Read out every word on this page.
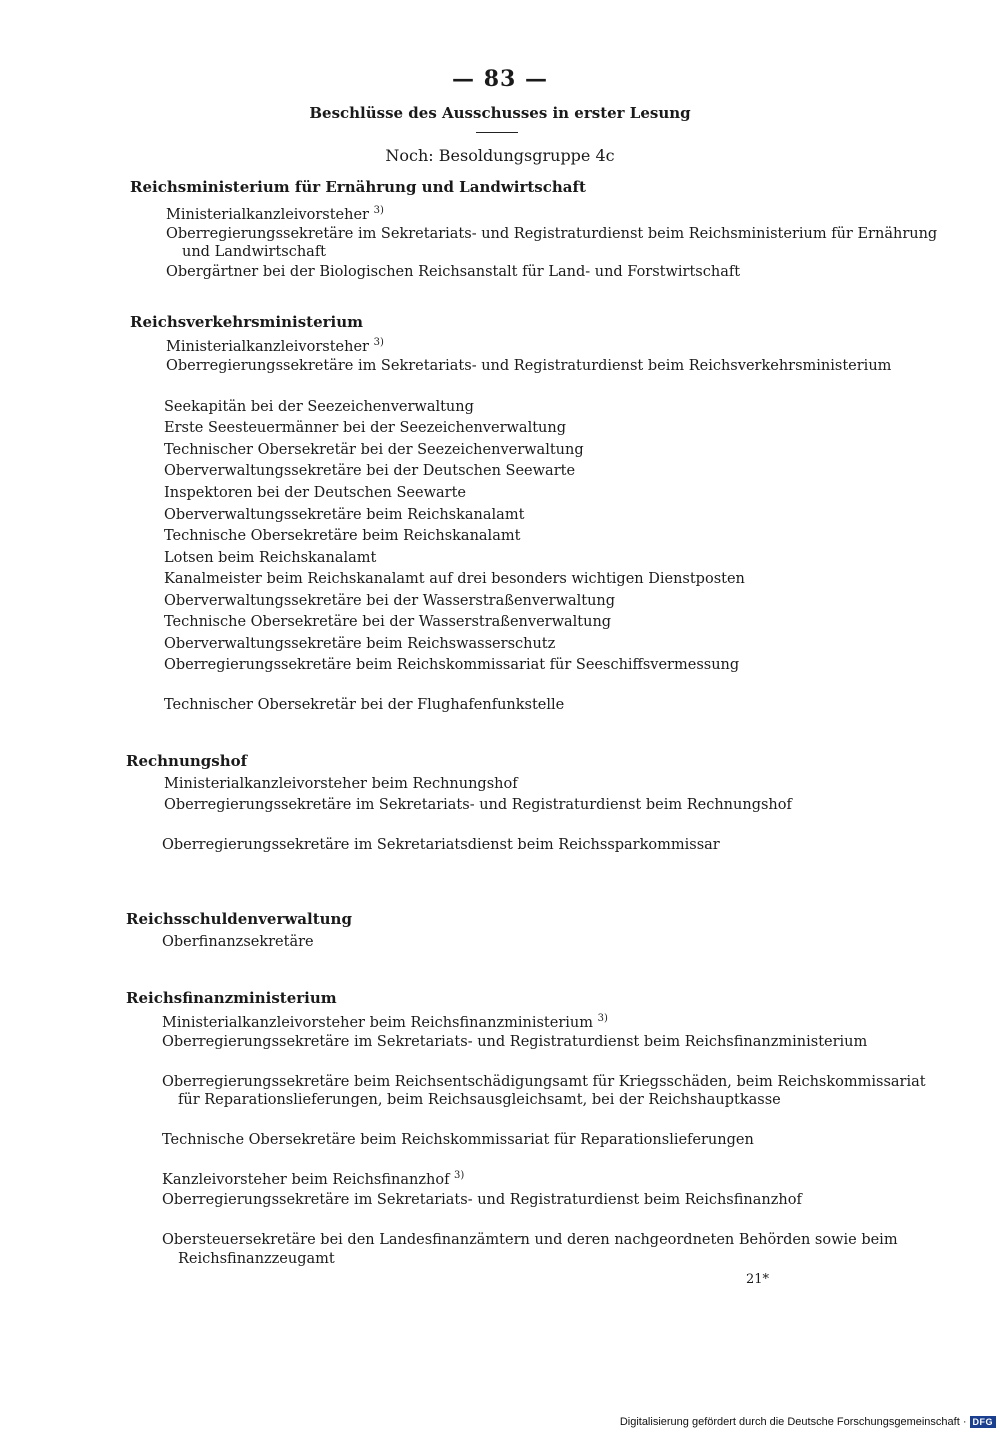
— 83 —
Beschlüsse des Ausschusses in erster Lesung
Noch: Besoldungsgruppe 4c
Reichsministerium für Ernährung und Landwirtschaft
Ministerialkanzleivorsteher $^{3)}$
Oberregierungssekretäre im Sekretariats- und Registraturdienst beim Reichsministerium für Ernährung
und Landwirtschaft
Obergärtner bei der Biologischen Reichsanstalt für Land- und Forstwirtschaft
Reichsverkehrsministerium
Ministerialkanzleivorsteher $^{3)}$
Oberregierungssekretäre im Sekretariats- und Registraturdienst beim Reichsverkehrsministerium
Seekapitän bei der Seezeichenverwaltung
Erste Seesteuermänner bei der Seezeichenverwaltung
Technischer Obersekretär bei der Seezeichenverwaltung
Oberverwaltungssekretäre bei der Deutschen Seewarte
Inspektoren bei der Deutschen Seewarte
Oberverwaltungssekretäre beim Reichskanalamt
Technische Obersekretäre beim Reichskanalamt
Lotsen beim Reichskanalamt
Kanalmeister beim Reichskanalamt auf drei besonders wichtigen Dienstposten
Oberverwaltungssekretäre bei der Wasserstraßenverwaltung
Technische Obersekretäre bei der Wasserstraßenverwaltung
Oberverwaltungssekretäre beim Reichswasserschutz
Oberregierungssekretäre beim Reichskommissariat für Seeschiffsvermessung
Technischer Obersekretär bei der Flughafenfunkstelle
Rechnungshof
Ministerialkanzleivorsteher beim Rechnungshof
Oberregierungssekretäre im Sekretariats- und Registraturdienst beim Rechnungshof
Oberregierungssekretäre im Sekretariatsdienst beim Reichssparkommissar
Reichsschuldenverwaltung
Oberfinanzsekretäre
Reichsfinanzministerium
Ministerialkanzleivorsteher beim Reichsfinanzministerium $^{3)}$
Oberregierungssekretäre im Sekretariats- und Registraturdienst beim Reichsfinanzministerium
Oberregierungssekretäre beim Reichsentschädigungsamt für Kriegsschäden, beim Reichskommissariat
für Reparationslieferungen, beim Reichsausgleichsamt, bei der Reichshauptkasse
Technische Obersekretäre beim Reichskommissariat für Reparationslieferungen
Kanzleivorsteher beim Reichsfinanzhof $^{3)}$
Oberregierungssekretäre im Sekretariats- und Registraturdienst beim Reichsfinanzhof
Obersteuersekretäre bei den Landesfinanzämtern und deren nachgeordneten Behörden sowie beim
Reichsfinanzzeugamt
21*
Digitalisierung gefördert durch die Deutsche Forschungsgemeinschaft · DFG
